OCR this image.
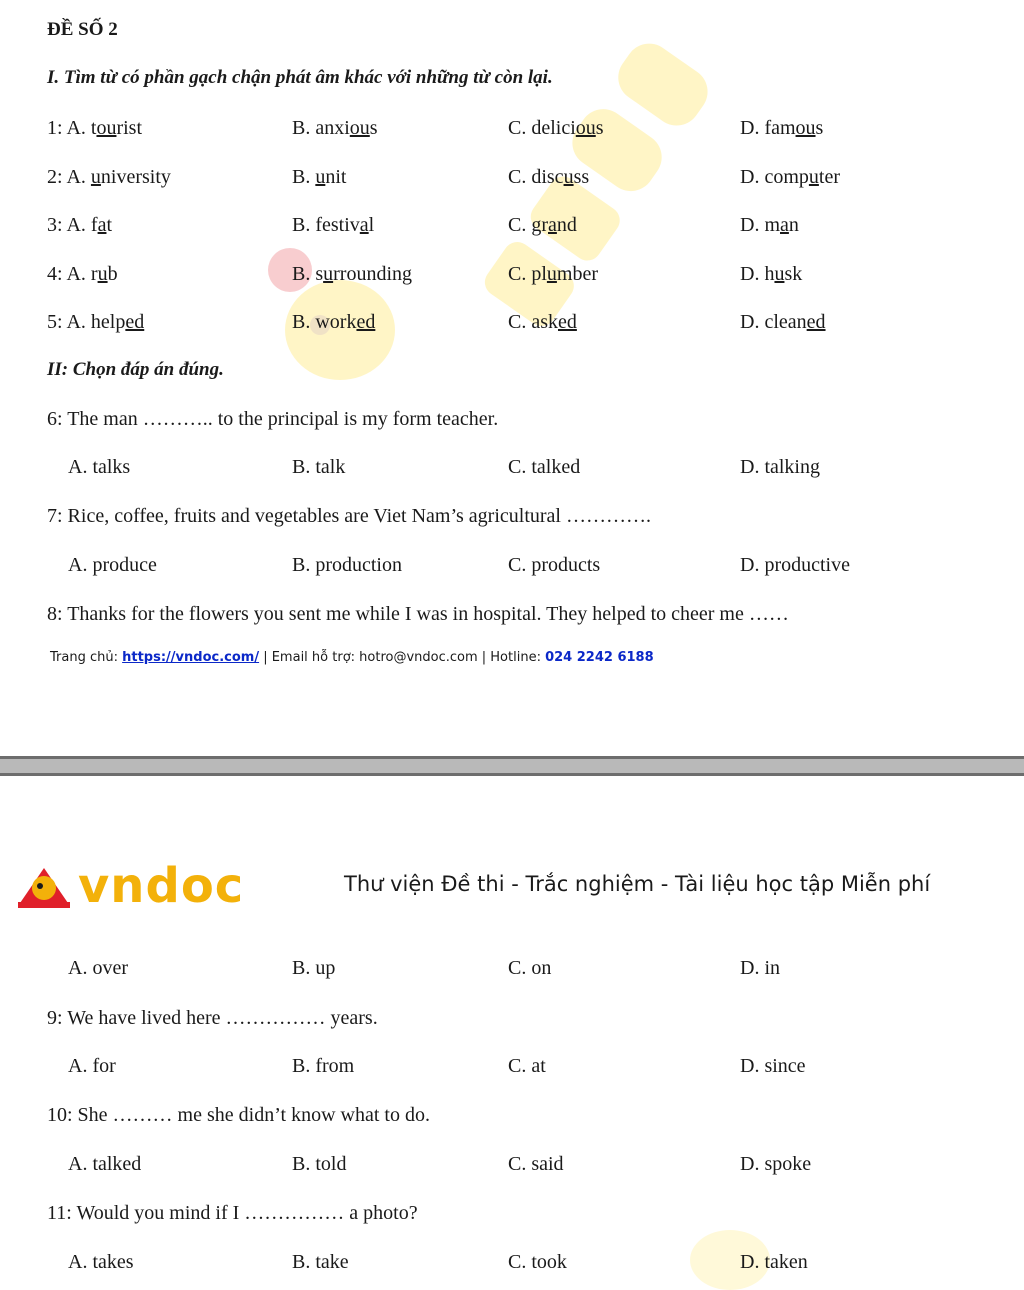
ĐỀ SỐ 2
I. Tìm từ có phần gạch chận phát âm khác với những từ còn lại.
1: A. tourist	B. anxious	C. delicious	D. famous
2: A. university	B. unit	C. discuss	D. computer
3: A. fat	B. festival	C. grand	D. man
4: A. rub	B. surrounding	C. plumber	D. husk
5: A. helped	B. worked	C. asked	D. cleaned
II: Chọn đáp án đúng.
6: The man ……….. to the principal is my form teacher.
A. talks	B. talk	C. talked	D. talking
7: Rice, coffee, fruits and vegetables are Viet Nam’s agricultural ………….
A. produce	B. production	C. products	D. productive
8: Thanks for the flowers you sent me while I was in hospital. They helped to cheer me ……
Trang chủ: https://vndoc.com/ | Email hỗ trợ: hotro@vndoc.com | Hotline: 024 2242 6188
vndoc	Thư viện Đề thi - Trắc nghiệm - Tài liệu học tập Miễn phí
A. over	B. up	C. on	D. in
9: We have lived here …………… years.
A. for	B. from	C. at	D. since
10: She ……… me she didn’t know what to do.
A. talked	B. told	C. said	D. spoke
11: Would you mind if I …………… a photo?
A. takes	B. take	C. took	D. taken
